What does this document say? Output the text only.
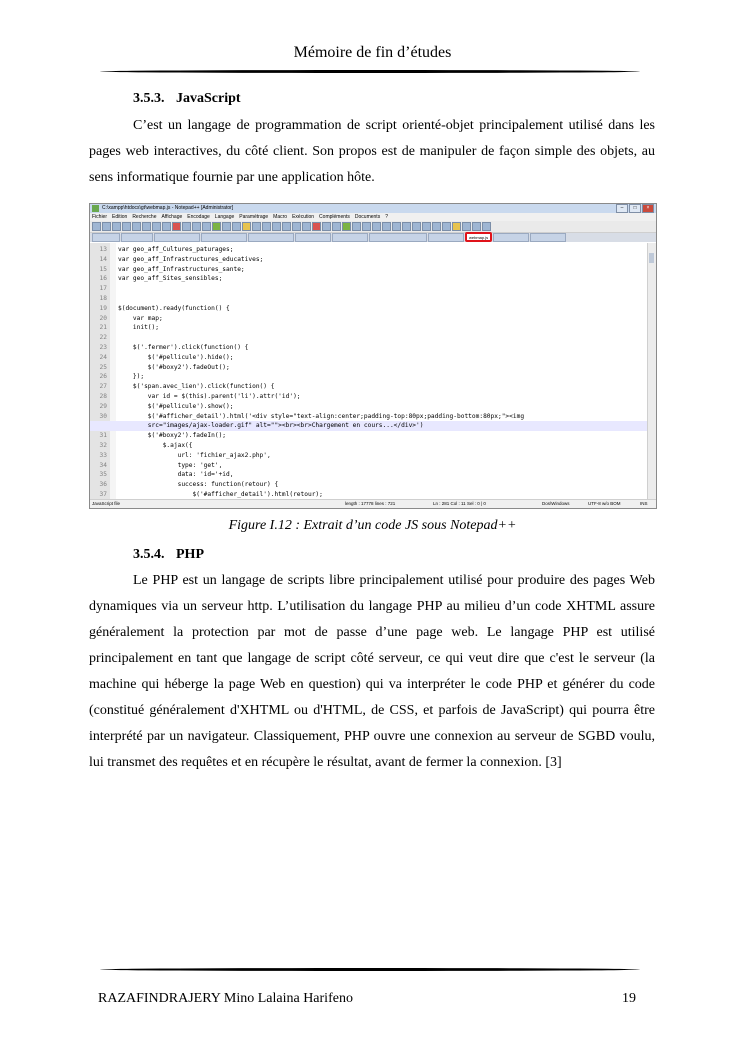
Mémoire de fin d’études
3.5.3. JavaScript
C’est un langage de programmation de script orienté-objet principalement utilisé dans les pages web interactives, du côté client. Son propos est de manipuler de façon simple des objets, au sens informatique fournie par une application hôte.
C:\xampp\htdocs\gt\webmap.js - Notepad++ [Administrator]	–	□	×
Fichier Edition Recherche Affichage Encodage Langage Paramétrage Macro Exécution Compléments Documents ?
webmap.js
13 var geo_aff_Cultures_paturages;
14 var geo_aff_Infrastructures_educatives;
15 var geo_aff_Infrastructures_sante;
16 var geo_aff_Sites_sensibles;
17
18
19 $(document).ready(function() {
20 var map;
21 init();
22
23 $('.fermer').click(function() {
24 $('#pellicule').hide();
25 $('#boxy2').fadeOut();
26 });
27 $('span.avec_lien').click(function() {
28 var id = $(this).parent('li').attr('id');
29 $('#pellicule').show();
30 $('#afficher_detail').html('<div style="text-align:center;padding-top:80px;padding-bottom:80px;"><img
src="images/ajax-loader.gif" alt=""><br><br>Chargement en cours...</div>')
31 $('#boxy2').fadeIn();
32 $.ajax({
33 url: 'fichier_ajax2.php',
34 type: 'get',
35 data: 'id='+id,
36 success: function(retour) {
37 $('#afficher_detail').html(retour);
JavaScript file	length : 17778 lines : 721	Ln : 281 Col : 11 Sel : 0 | 0	Dos\Windows	UTF-8 w/o BOM	INS
Figure I.12 : Extrait d’un code JS sous Notepad++
3.5.4. PHP
Le PHP est un langage de scripts libre principalement utilisé pour produire des pages Web dynamiques via un serveur http. L’utilisation du langage PHP au milieu d’un code XHTML assure généralement la protection par mot de passe d’une page web. Le langage PHP est utilisé principalement en tant que langage de script côté serveur, ce qui veut dire que c'est le serveur (la machine qui héberge la page Web en question) qui va interpréter le code PHP et générer du code (constitué généralement d'XHTML ou d'HTML, de CSS, et parfois de JavaScript) qui pourra être interprété par un navigateur. Classiquement, PHP ouvre une connexion au serveur de SGBD voulu, lui transmet des requêtes et en récupère le résultat, avant de fermer la connexion. [3]
RAZAFINDRAJERY Mino Lalaina Harifeno	19
